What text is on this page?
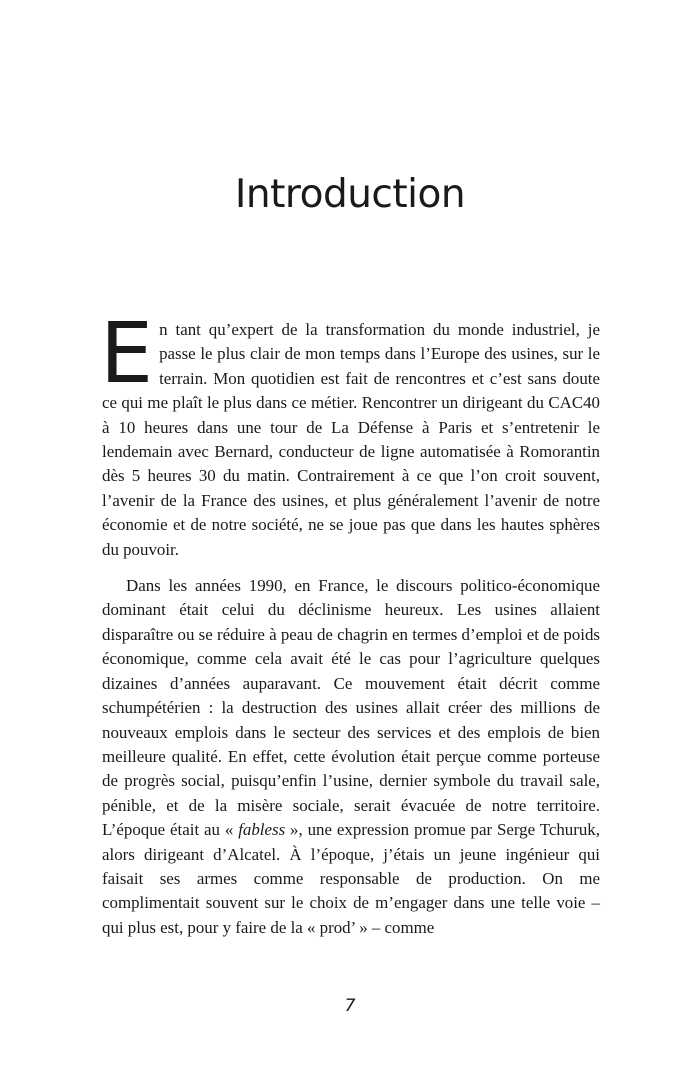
Introduction

En tant qu’expert de la transformation du monde industriel, je passe le plus clair de mon temps dans l’Europe des usines, sur le terrain. Mon quotidien est fait de rencontres et c’est sans doute ce qui me plaît le plus dans ce métier. Rencontrer un dirigeant du CAC40 à 10 heures dans une tour de La Défense à Paris et s’entretenir le lendemain avec Bernard, conducteur de ligne automatisée à Romorantin dès 5 heures 30 du matin. Contrairement à ce que l’on croit souvent, l’avenir de la France des usines, et plus généralement l’avenir de notre économie et de notre société, ne se joue pas que dans les hautes sphères du pouvoir.

Dans les années 1990, en France, le discours politico-économique dominant était celui du déclinisme heureux. Les usines allaient disparaître ou se réduire à peau de chagrin en termes d’emploi et de poids économique, comme cela avait été le cas pour l’agriculture quelques dizaines d’années auparavant. Ce mouvement était décrit comme schumpétérien : la destruction des usines allait créer des millions de nouveaux emplois dans le secteur des services et des emplois de bien meilleure qualité. En effet, cette évolution était perçue comme porteuse de progrès social, puisqu’enfin l’usine, dernier symbole du travail sale, pénible, et de la misère sociale, serait évacuée de notre territoire. L’époque était au « fabless », une expression promue par Serge Tchuruk, alors dirigeant d’Alcatel. À l’époque, j’étais un jeune ingénieur qui faisait ses armes comme responsable de production. On me complimentait souvent sur le choix de m’engager dans une telle voie – qui plus est, pour y faire de la « prod’ » – comme

7
